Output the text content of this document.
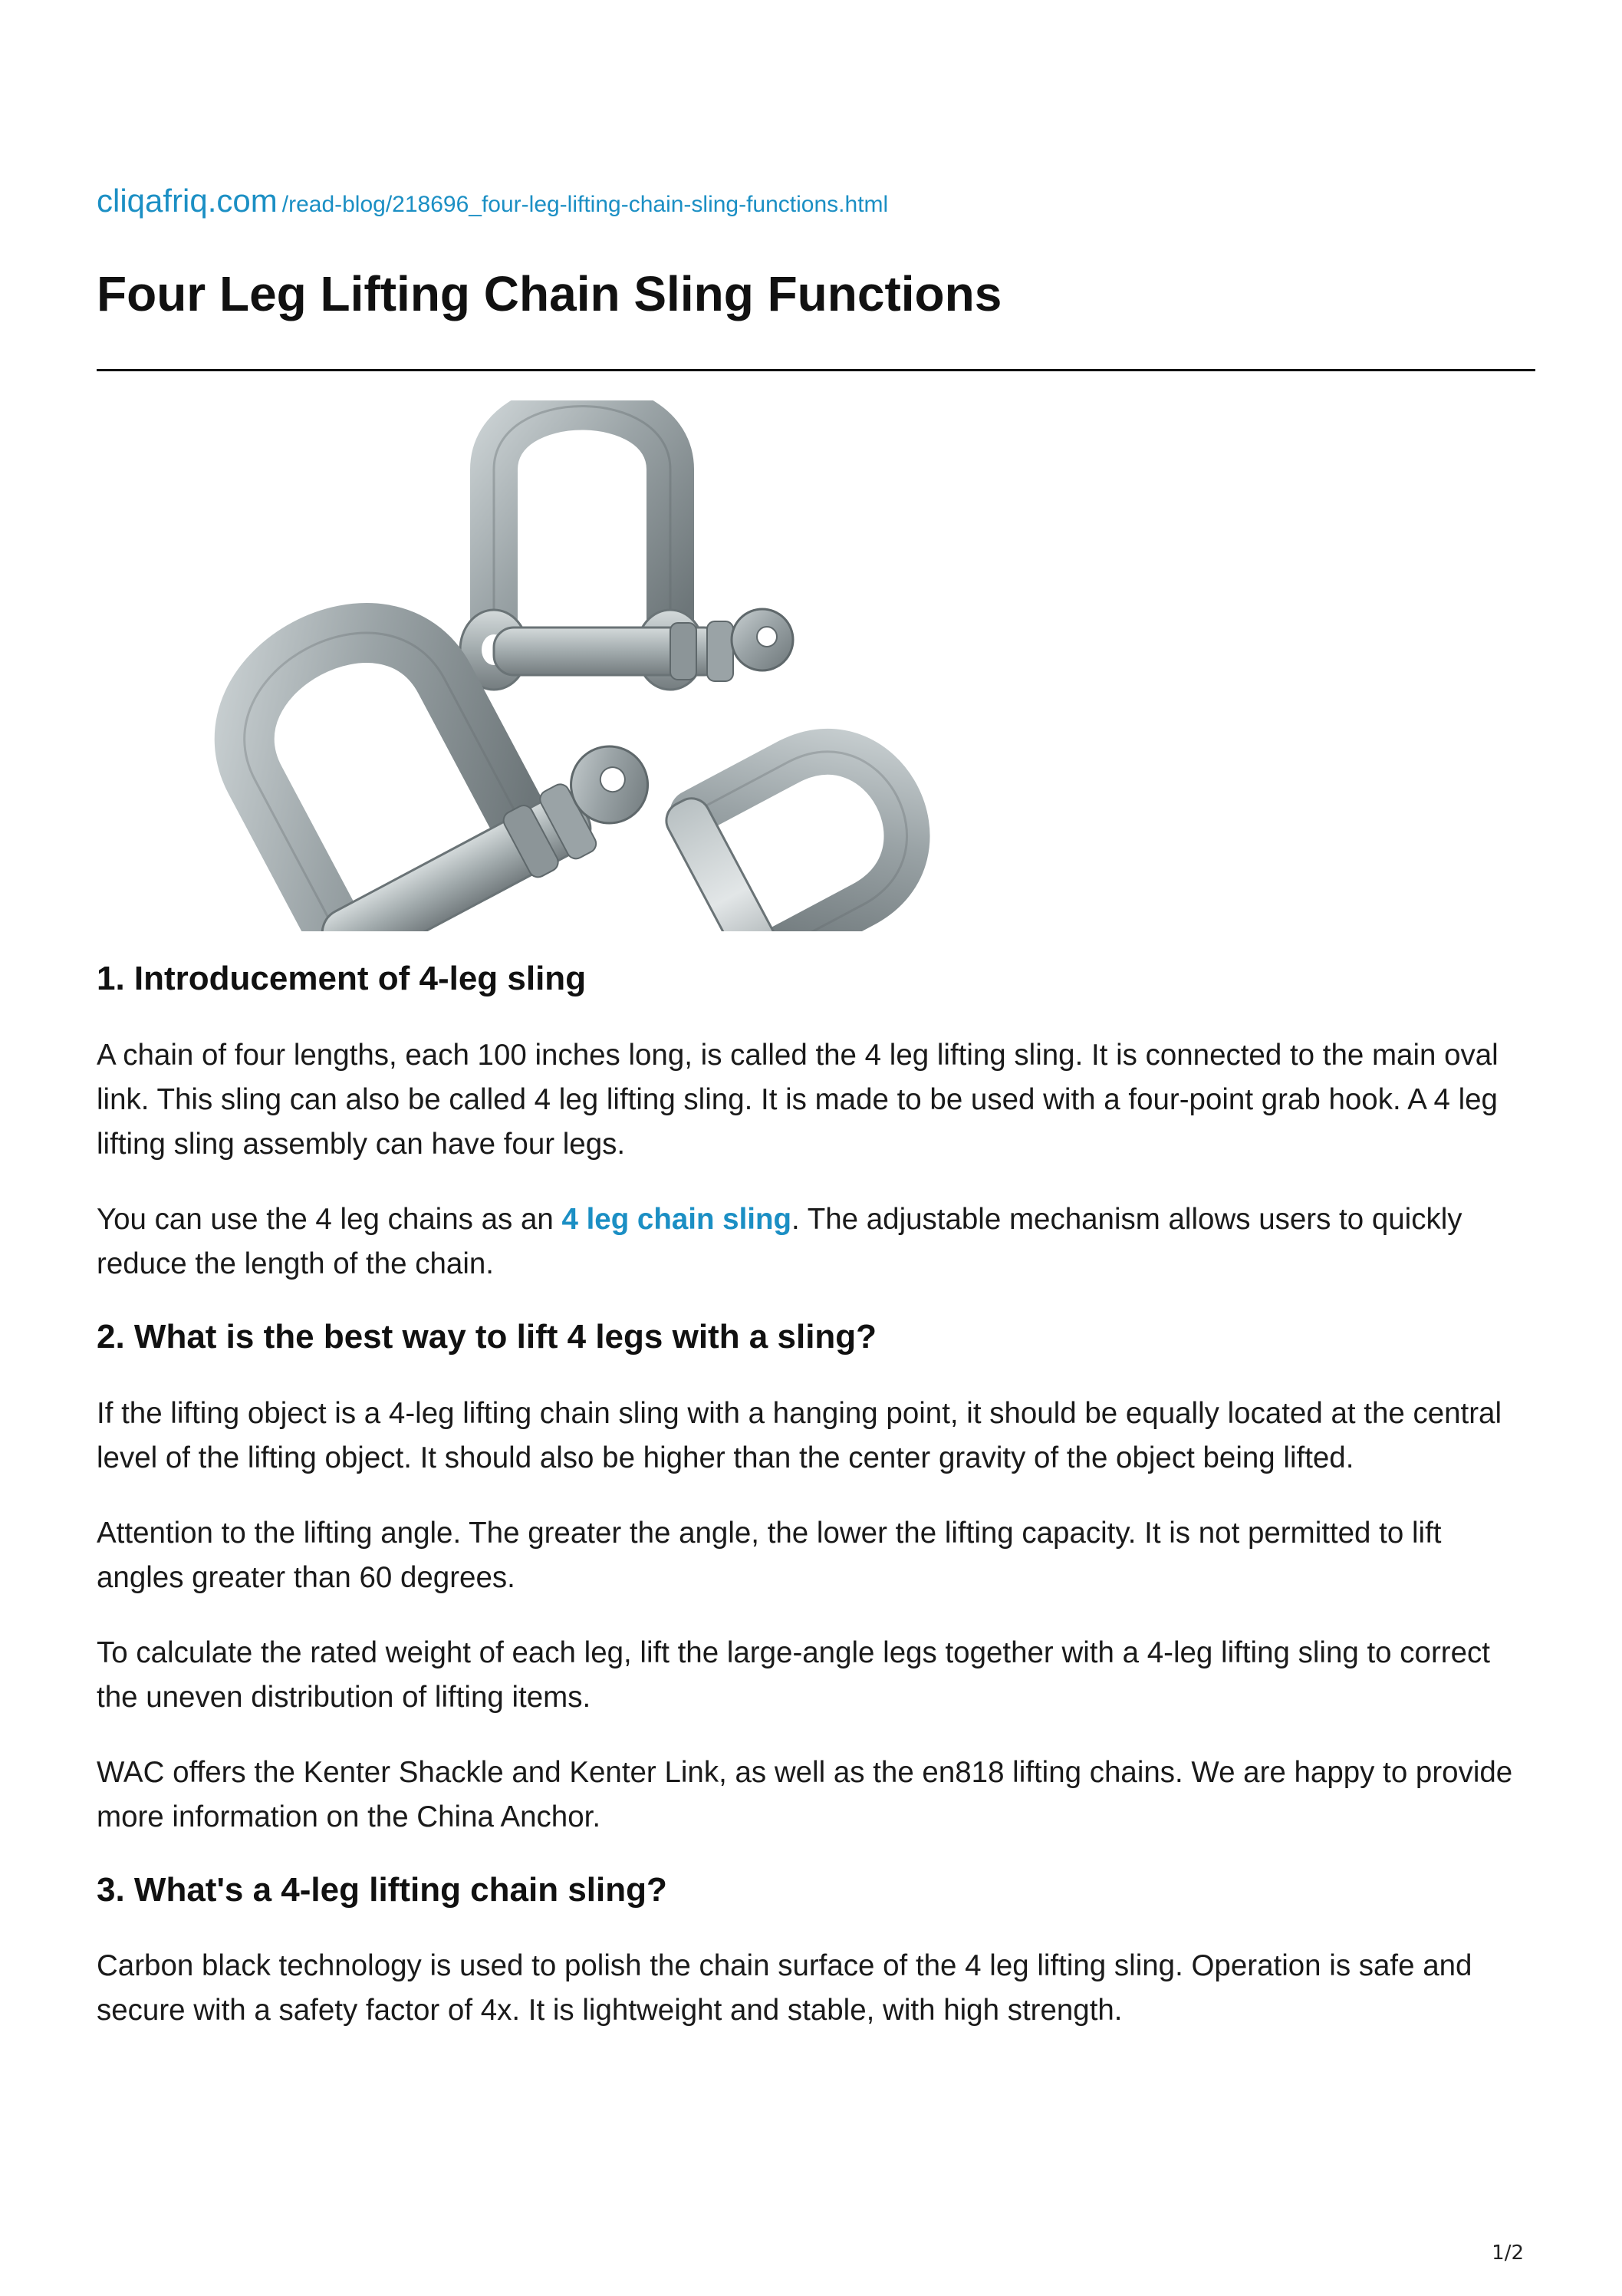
cliqafriq.com /read-blog/218696_four-leg-lifting-chain-sling-functions.html
Four Leg Lifting Chain Sling Functions
1. Introducement of 4-leg sling

A chain of four lengths, each 100 inches long, is called the 4 leg lifting sling. It is connected to the main oval link. This sling can also be called 4 leg lifting sling. It is made to be used with a four-point grab hook. A 4 leg lifting sling assembly can have four legs.

You can use the 4 leg chains as an 4 leg chain sling. The adjustable mechanism allows users to quickly reduce the length of the chain.

2. What is the best way to lift 4 legs with a sling?

If the lifting object is a 4-leg lifting chain sling with a hanging point, it should be equally located at the central level of the lifting object. It should also be higher than the center gravity of the object being lifted.

Attention to the lifting angle. The greater the angle, the lower the lifting capacity. It is not permitted to lift angles greater than 60 degrees.

To calculate the rated weight of each leg, lift the large-angle legs together with a 4-leg lifting sling to correct the uneven distribution of lifting items.

WAC offers the Kenter Shackle and Kenter Link, as well as the en818 lifting chains. We are happy to provide more information on the China Anchor.

3. What's a 4-leg lifting chain sling?

Carbon black technology is used to polish the chain surface of the 4 leg lifting sling. Operation is safe and secure with a safety factor of 4x. It is lightweight and stable, with high strength.

1/2
